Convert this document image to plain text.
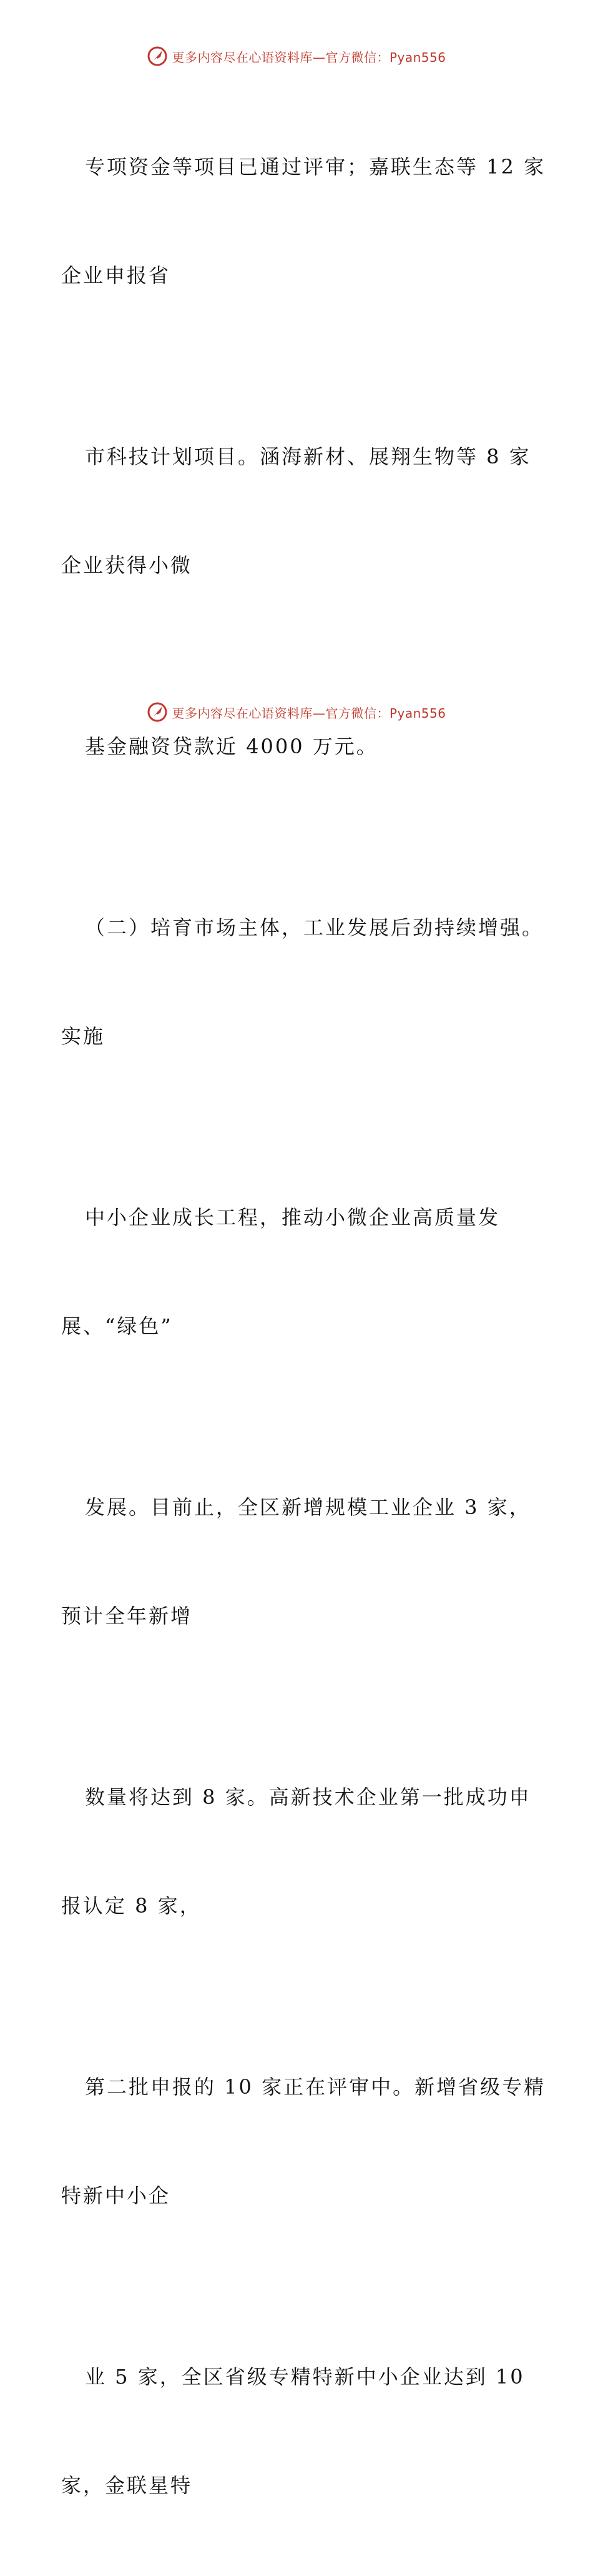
更多内容尽在心语资料库—官方微信：Pyan556

专项资金等项目已通过评审；嘉联生态等 12 家

企业申报省

市科技计划项目。涵海新材、展翔生物等 8 家

企业获得小微

基金融资贷款近 4000 万元。

（二）培育市场主体，工业发展后劲持续增强。

实施

中小企业成长工程，推动小微企业高质量发

展、“绿色”

发展。目前止，全区新增规模工业企业 3 家，

预计全年新增

数量将达到 8 家。高新技术企业第一批成功申

报认定 8 家，

第二批申报的 10 家正在评审中。新增省级专精

特新中小企

业 5 家，全区省级专精特新中小企业达到 10

家，金联星特

更多内容尽在心语资料库—官方微信：Pyan556
